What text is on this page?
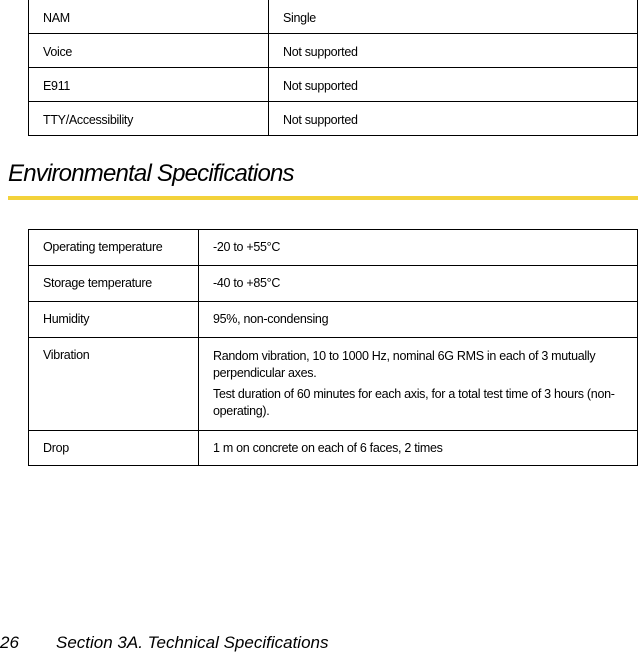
NAM	Single
Voice	Not supported
E911	Not supported
TTY/Accessibility	Not supported
Environmental Specifications
Operating temperature	-20 to +55°C
Storage temperature	-40 to +85°C
Humidity	95%, non-condensing
Vibration	Random vibration, 10 to 1000 Hz, nominal 6G RMS in each of 3 mutually perpendicular axes.
Test duration of 60 minutes for each axis, for a total test time of 3 hours (non-operating).

Drop	1 m on concrete on each of 6 faces, 2 times
26 Section 3A. Technical Specifications
